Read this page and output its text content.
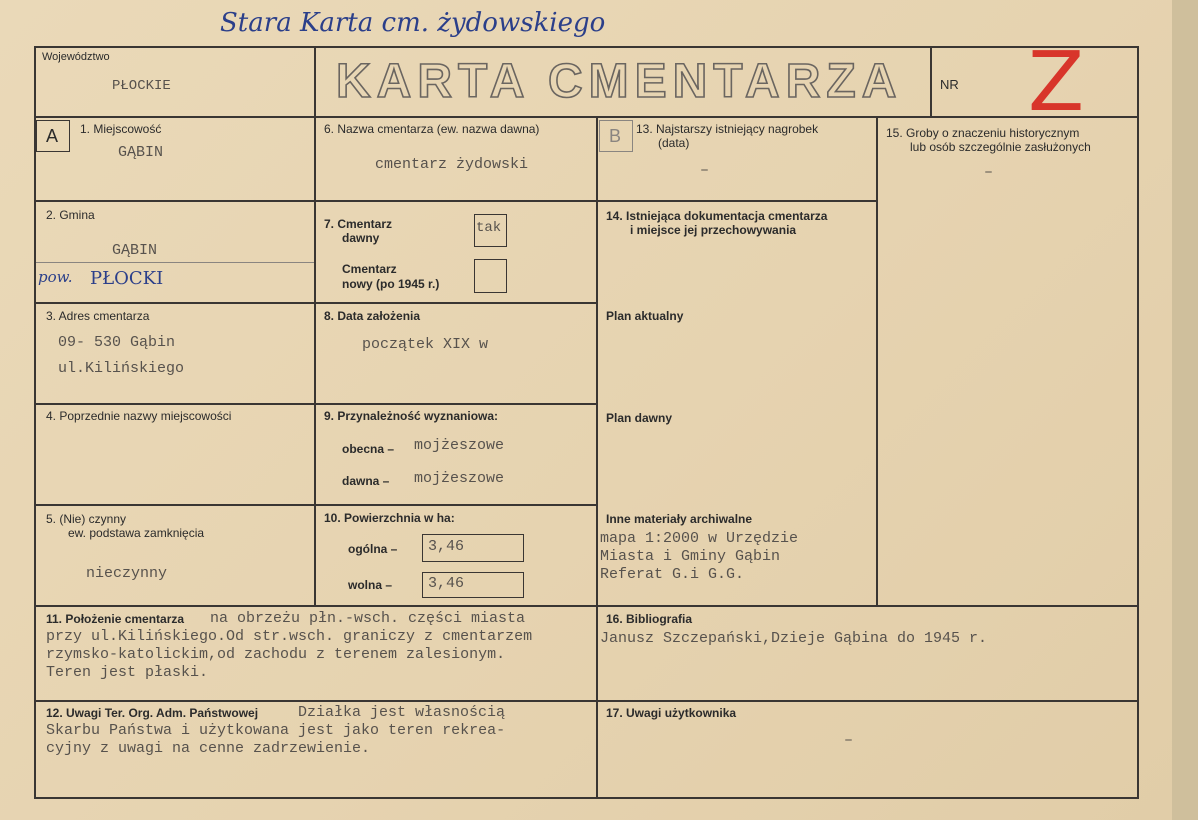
Stara Karta cm. żydowskiego
Województwo
PŁOCKIE	KARTA CMENTARZA	NR Z
A 1. Miejscowość
GĄBIN
2. Gmina
GĄBIN
pow. PŁOCKI
3. Adres cmentarza
09- 530 Gąbin
ul.Kilińskiego
4. Poprzednie nazwy miejscowości
5. (Nie) czynny
ew. podstawa zamknięcia
nieczynny
6. Nazwa cmentarza (ew. nazwa dawna)
cmentarz żydowski
7. Cmentarz
dawny
tak
Cmentarz
nowy (po 1945 r.)
8. Data założenia
początek XIX w
9. Przynależność wyznaniowa:
obecna – mojżeszowe
dawna – mojżeszowe
10. Powierzchnia w ha:
ogólna – 3,46
wolna – 3,46
B 13. Najstarszy istniejący nagrobek
(data)
–
14. Istniejąca dokumentacja cmentarza
i miejsce jej przechowywania
Plan aktualny
Plan dawny
Inne materiały archiwalne
mapa 1:2000 w Urzędzie
Miasta i Gminy Gąbin
Referat G.i G.G.
15. Groby o znaczeniu historycznym
lub osób szczególnie zasłużonych
–
11. Położenie cmentarza na obrzeżu płn.-wsch. części miasta
przy ul.Kilińskiego.Od str.wsch. graniczy z cmentarzem
rzymsko-katolickim,od zachodu z terenem zalesionym.
Teren jest płaski.
16. Bibliografia
Janusz Szczepański,Dzieje Gąbina do 1945 r.
12. Uwagi Ter. Org. Adm. Państwowej	Działka jest własnością
Skarbu Państwa i użytkowana jest jako teren rekrea-
cyjny z uwagi na cenne zadrzewienie.
17. Uwagi użytkownika
–
